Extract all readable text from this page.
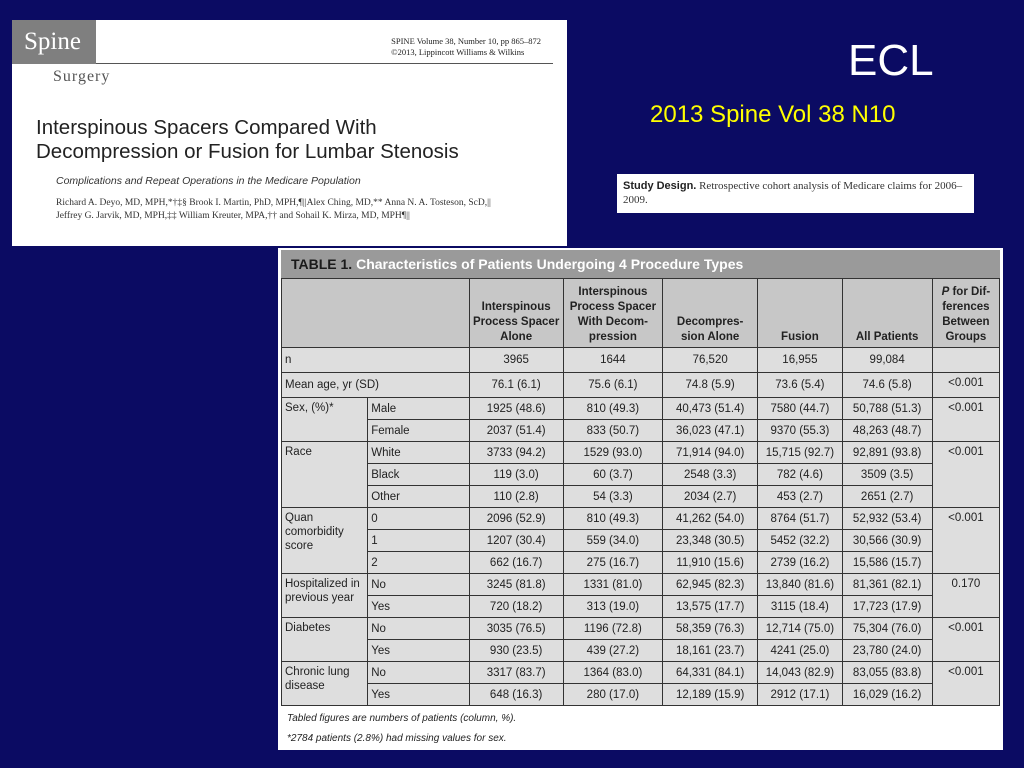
ECL
2013 Spine Vol 38 N10
Spine	SPINE Volume 38, Number 10, pp 865–872
©2013, Lippincott Williams & Wilkins
Surgery
Interspinous Spacers Compared With
Decompression or Fusion for Lumbar Stenosis
Complications and Repeat Operations in the Medicare Population
Richard A. Deyo, MD, MPH,*†‡§ Brook I. Martin, PhD, MPH,¶||Alex Ching, MD,** Anna N. A. Tosteson, ScD,||
Jeffrey G. Jarvik, MD, MPH,‡‡ William Kreuter, MPA,†† and Sohail K. Mirza, MD, MPH¶||
Study Design. Retrospective cohort analysis of Medicare claims for 2006–2009.
TABLE 1. Characteristics of Patients Undergoing 4 Procedure Types
		Interspinous Process Spacer Alone	Interspinous Process Spacer With Decom- pression	Decompres- sion Alone	Fusion	All Patients	P for Dif- ferences Between Groups
n		3965	1644	76,520	16,955	99,084	
Mean age, yr (SD)		76.1 (6.1)	75.6 (6.1)	74.8 (5.9)	73.6 (5.4)	74.6 (5.8)	<0.001
Sex, (%)*	Male	1925 (48.6)	810 (49.3)	40,473 (51.4)	7580 (44.7)	50,788 (51.3)	<0.001
	Female	2037 (51.4)	833 (50.7)	36,023 (47.1)	9370 (55.3)	48,263 (48.7)	
Race	White	3733 (94.2)	1529 (93.0)	71,914 (94.0)	15,715 (92.7)	92,891 (93.8)	<0.001
	Black	119 (3.0)	60 (3.7)	2548 (3.3)	782 (4.6)	3509 (3.5)	
	Other	110 (2.8)	54 (3.3)	2034 (2.7)	453 (2.7)	2651 (2.7)	
Quan comorbidity score	0	2096 (52.9)	810 (49.3)	41,262 (54.0)	8764 (51.7)	52,932 (53.4)	<0.001
	1	1207 (30.4)	559 (34.0)	23,348 (30.5)	5452 (32.2)	30,566 (30.9)	
	2	662 (16.7)	275 (16.7)	11,910 (15.6)	2739 (16.2)	15,586 (15.7)	
Hospitalized in previous year	No	3245 (81.8)	1331 (81.0)	62,945 (82.3)	13,840 (81.6)	81,361 (82.1)	0.170
	Yes	720 (18.2)	313 (19.0)	13,575 (17.7)	3115 (18.4)	17,723 (17.9)	
Diabetes	No	3035 (76.5)	1196 (72.8)	58,359 (76.3)	12,714 (75.0)	75,304 (76.0)	<0.001
	Yes	930 (23.5)	439 (27.2)	18,161 (23.7)	4241 (25.0)	23,780 (24.0)	
Chronic lung disease	No	3317 (83.7)	1364 (83.0)	64,331 (84.1)	14,043 (82.9)	83,055 (83.8)	<0.001
	Yes	648 (16.3)	280 (17.0)	12,189 (15.9)	2912 (17.1)	16,029 (16.2)	
Tabled figures are numbers of patients (column, %).
*2784 patients (2.8%) had missing values for sex.
